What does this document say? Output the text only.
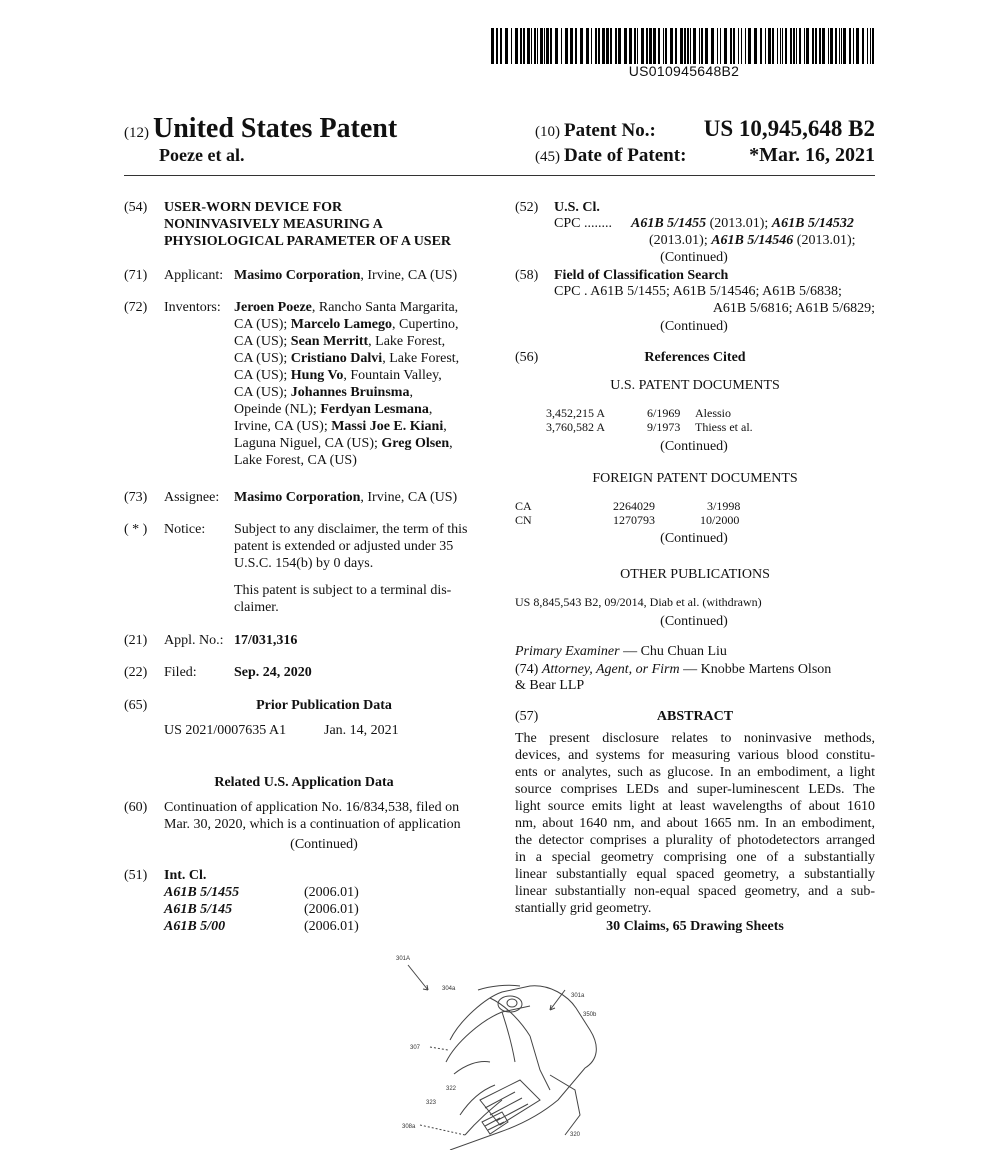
US010945648B2
(12) United States Patent
Poeze et al.
(10) Patent No.:	US 10,945,648 B2
(45) Date of Patent:	*Mar. 16, 2021
(54) USER-WORN DEVICE FOR
NONINVASIVELY MEASURING A
PHYSIOLOGICAL PARAMETER OF A USER
(71) Applicant: Masimo Corporation, Irvine, CA (US)
(72) Inventors: Jeroen Poeze, Rancho Santa Margarita,
CA (US); Marcelo Lamego, Cupertino,
CA (US); Sean Merritt, Lake Forest,
CA (US); Cristiano Dalvi, Lake Forest,
CA (US); Hung Vo, Fountain Valley,
CA (US); Johannes Bruinsma,
Opeinde (NL); Ferdyan Lesmana,
Irvine, CA (US); Massi Joe E. Kiani,
Laguna Niguel, CA (US); Greg Olsen,
Lake Forest, CA (US)
(73) Assignee: Masimo Corporation, Irvine, CA (US)
( * ) Notice: Subject to any disclaimer, the term of this
patent is extended or adjusted under 35
U.S.C. 154(b) by 0 days.
This patent is subject to a terminal dis-
claimer.
(21) Appl. No.: 17/031,316
(22) Filed:	Sep. 24, 2020
(65)	Prior Publication Data
US 2021/0007635 A1	Jan. 14, 2021
Related U.S. Application Data
(60) Continuation of application No. 16/834,538, filed on
Mar. 30, 2020, which is a continuation of application
(Continued)
(51) Int. Cl.
A61B 5/1455	(2006.01)
A61B 5/145	(2006.01)
A61B 5/00	(2006.01)
(52) U.S. Cl.
CPC ........ A61B 5/1455 (2013.01); A61B 5/14532
(2013.01); A61B 5/14546 (2013.01);
(Continued)
(58) Field of Classification Search
CPC . A61B 5/1455; A61B 5/14546; A61B 5/6838;
A61B 5/6816; A61B 5/6829;
(Continued)
(56)	References Cited
U.S. PATENT DOCUMENTS
3,452,215 A	6/1969 Alessio
3,760,582 A	9/1973 Thiess et al.
(Continued)
FOREIGN PATENT DOCUMENTS
CA	2264029	3/1998
CN	1270793	10/2000
(Continued)
OTHER PUBLICATIONS
US 8,845,543 B2, 09/2014, Diab et al. (withdrawn)
(Continued)
Primary Examiner — Chu Chuan Liu
(74) Attorney, Agent, or Firm — Knobbe Martens Olson
& Bear LLP
(57)	ABSTRACT
The present disclosure relates to noninvasive methods,
devices, and systems for measuring various blood constitu-
ents or analytes, such as glucose. In an embodiment, a light
source comprises LEDs and super-luminescent LEDs. The
light source emits light at least wavelengths of about 1610
nm, about 1640 nm, and about 1665 nm. In an embodiment,
the detector comprises a plurality of photodetectors arranged
in a special geometry comprising one of a substantially
linear substantially equal spaced geometry, a substantially
linear substantially non-equal spaced geometry, and a sub-
stantially grid geometry.
30 Claims, 65 Drawing Sheets
301A
304a
301a
350b
307
322
323
308a
320
